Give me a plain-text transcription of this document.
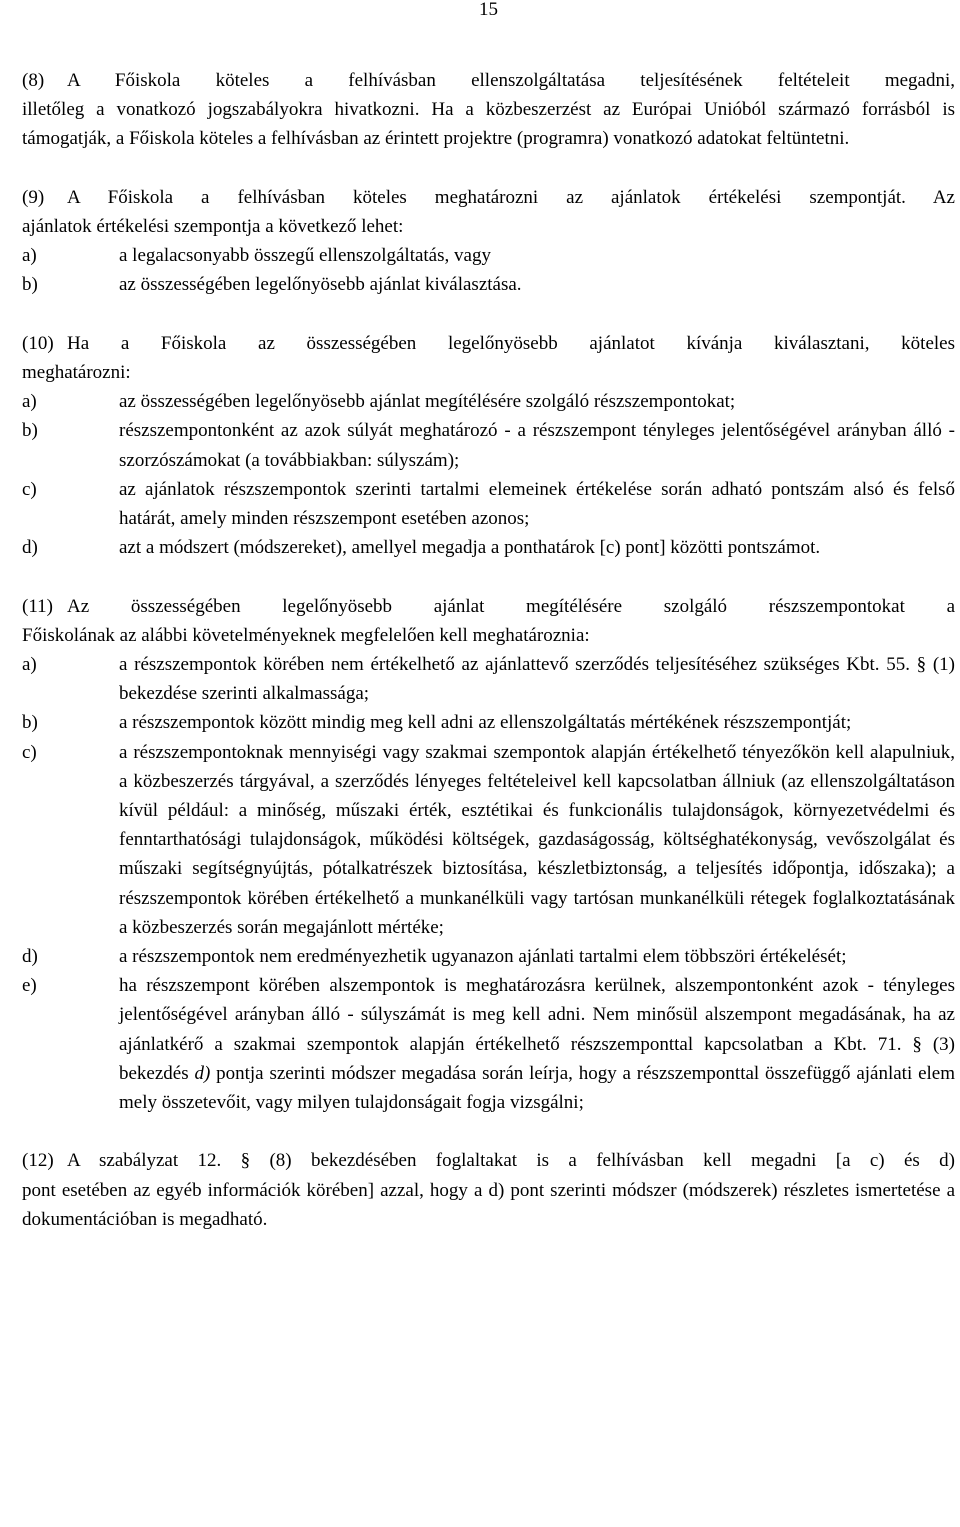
15
(8)	A Főiskola köteles a felhívásban ellenszolgáltatása teljesítésének feltételeit megadni,
illetőleg a vonatkozó jogszabályokra hivatkozni. Ha a közbeszerzést az Európai Unióból származó forrásból is támogatják, a Főiskola köteles a felhívásban az érintett projektre (programra) vonatkozó adatokat feltüntetni.
(9)	A Főiskola a felhívásban köteles meghatározni az ajánlatok értékelési szempontját. Az
ajánlatok értékelési szempontja a következő lehet:
a)	a legalacsonyabb összegű ellenszolgáltatás, vagy
b)	az összességében legelőnyösebb ajánlat kiválasztása.
(10) Ha a Főiskola az összességében legelőnyösebb ajánlatot kívánja kiválasztani, köteles
meghatározni:
a)	az összességében legelőnyösebb ajánlat megítélésére szolgáló részszempontokat;
b)	részszempontonként az azok súlyát meghatározó - a részszempont tényleges jelentőségével arányban álló - szorzószámokat (a továbbiakban: súlyszám);
c)	az ajánlatok részszempontok szerinti tartalmi elemeinek értékelése során adható pontszám alsó és felső határát, amely minden részszempont esetében azonos;
d)	azt a módszert (módszereket), amellyel megadja a ponthatárok [c) pont] közötti pontszámot.
(11) Az összességében legelőnyösebb ajánlat megítélésére szolgáló részszempontokat a
Főiskolának az alábbi követelményeknek megfelelően kell meghatároznia:
a)	a részszempontok körében nem értékelhető az ajánlattevő szerződés teljesítéséhez szükséges Kbt. 55. § (1) bekezdése szerinti alkalmassága;
b)	a részszempontok között mindig meg kell adni az ellenszolgáltatás mértékének részszempontját;
c)	a részszempontoknak mennyiségi vagy szakmai szempontok alapján értékelhető tényezőkön kell alapulniuk, a közbeszerzés tárgyával, a szerződés lényeges feltételeivel kell kapcsolatban állniuk (az ellenszolgáltatáson kívül például: a minőség, műszaki érték, esztétikai és funkcionális tulajdonságok, környezetvédelmi és fenntarthatósági tulajdonságok, működési költségek, gazdaságosság, költséghatékonyság, vevőszolgálat és műszaki segítségnyújtás, pótalkatrészek biztosítása, készletbiztonság, a teljesítés időpontja, időszaka); a részszempontok körében értékelhető a munkanélküli vagy tartósan munkanélküli rétegek foglalkoztatásának a közbeszerzés során megajánlott mértéke;
d)	a részszempontok nem eredményezhetik ugyanazon ajánlati tartalmi elem többszöri értékelését;
e)	ha részszempont körében alszempontok is meghatározásra kerülnek, alszempontonként azok - tényleges jelentőségével arányban álló - súlyszámát is meg kell adni. Nem minősül alszempont megadásának, ha az ajánlatkérő a szakmai szempontok alapján értékelhető részszemponttal kapcsolatban a Kbt. 71. § (3) bekezdés d) pontja szerinti módszer megadása során leírja, hogy a részszemponttal összefüggő ajánlati elem mely összetevőit, vagy milyen tulajdonságait fogja vizsgálni;
(12) A szabályzat 12. § (8) bekezdésében foglaltakat is a felhívásban kell megadni [a c) és d)
pont esetében az egyéb információk körében] azzal, hogy a d) pont szerinti módszer (módszerek) részletes ismertetése a dokumentációban is megadható.
